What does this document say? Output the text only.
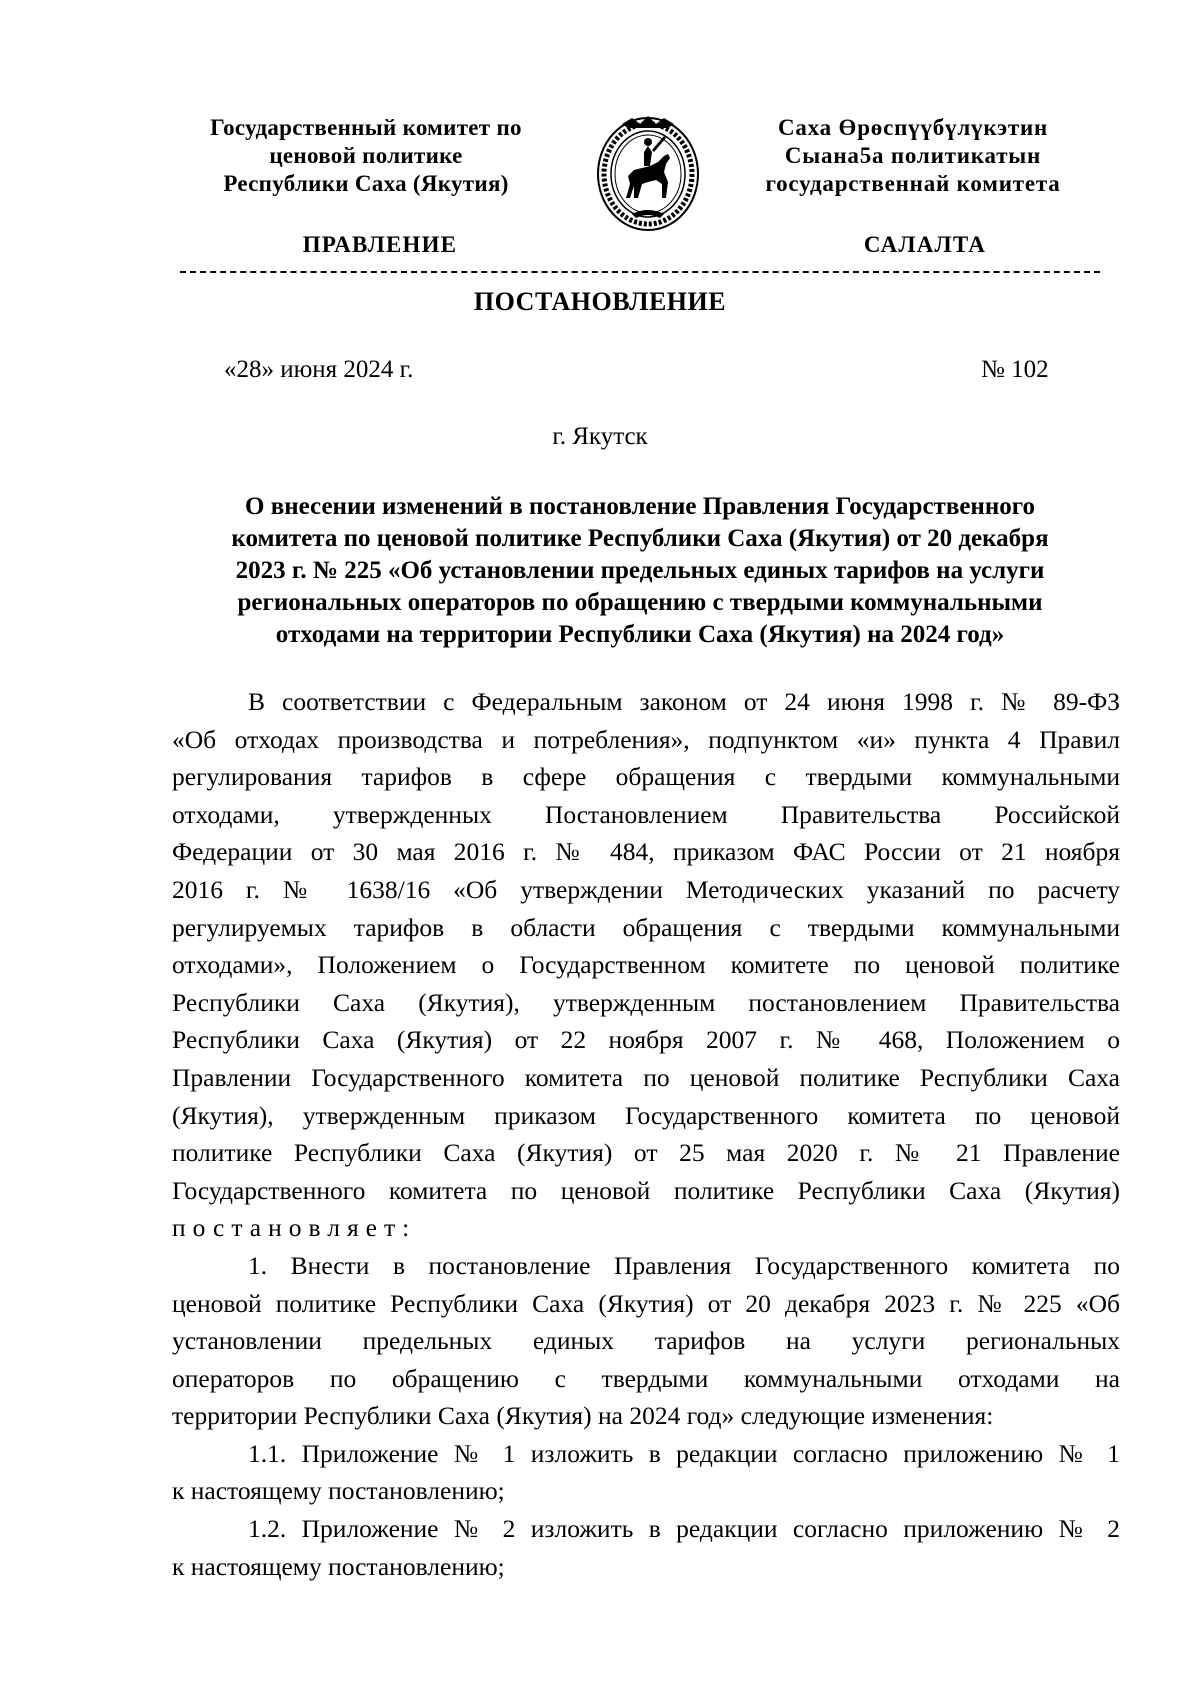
Государственный комитет по
ценовой политике
Республики Саха (Якутия)
Саха Өрөспүүбүлүкэтин
Сыана5а политикатын
государственнай комитета
ПРАВЛЕНИЕ	САЛАЛТА
ПОСТАНОВЛЕНИЕ
«28» июня 2024 г.	№ 102
г. Якутск
О внесении изменений в постановление Правления Государственного
комитета по ценовой политике Республики Саха (Якутия) от 20 декабря
2023 г. № 225 «Об установлении предельных единых тарифов на услуги
региональных операторов по обращению с твердыми коммунальными
отходами на территории Республики Саха (Якутия) на 2024 год»
В соответствии с Федеральным законом от 24 июня 1998 г. № 89-ФЗ
«Об отходах производства и потребления», подпунктом «и» пункта 4 Правил
регулирования тарифов в сфере обращения с твердыми коммунальными
отходами, утвержденных Постановлением Правительства Российской
Федерации от 30 мая 2016 г. № 484, приказом ФАС России от 21 ноября
2016 г. № 1638/16 «Об утверждении Методических указаний по расчету
регулируемых тарифов в области обращения с твердыми коммунальными
отходами», Положением о Государственном комитете по ценовой политике
Республики Саха (Якутия), утвержденным постановлением Правительства
Республики Саха (Якутия) от 22 ноября 2007 г. № 468, Положением о
Правлении Государственного комитета по ценовой политике Республики Саха
(Якутия), утвержденным приказом Государственного комитета по ценовой
политике Республики Саха (Якутия) от 25 мая 2020 г. № 21 Правление
Государственного комитета по ценовой политике Республики Саха (Якутия)
постановляет:
1. Внести в постановление Правления Государственного комитета по
ценовой политике Республики Саха (Якутия) от 20 декабря 2023 г. № 225 «Об
установлении предельных единых тарифов на услуги региональных
операторов по обращению с твердыми коммунальными отходами на
территории Республики Саха (Якутия) на 2024 год» следующие изменения:
1.1. Приложение № 1 изложить в редакции согласно приложению № 1
к настоящему постановлению;
1.2. Приложение № 2 изложить в редакции согласно приложению № 2
к настоящему постановлению;
